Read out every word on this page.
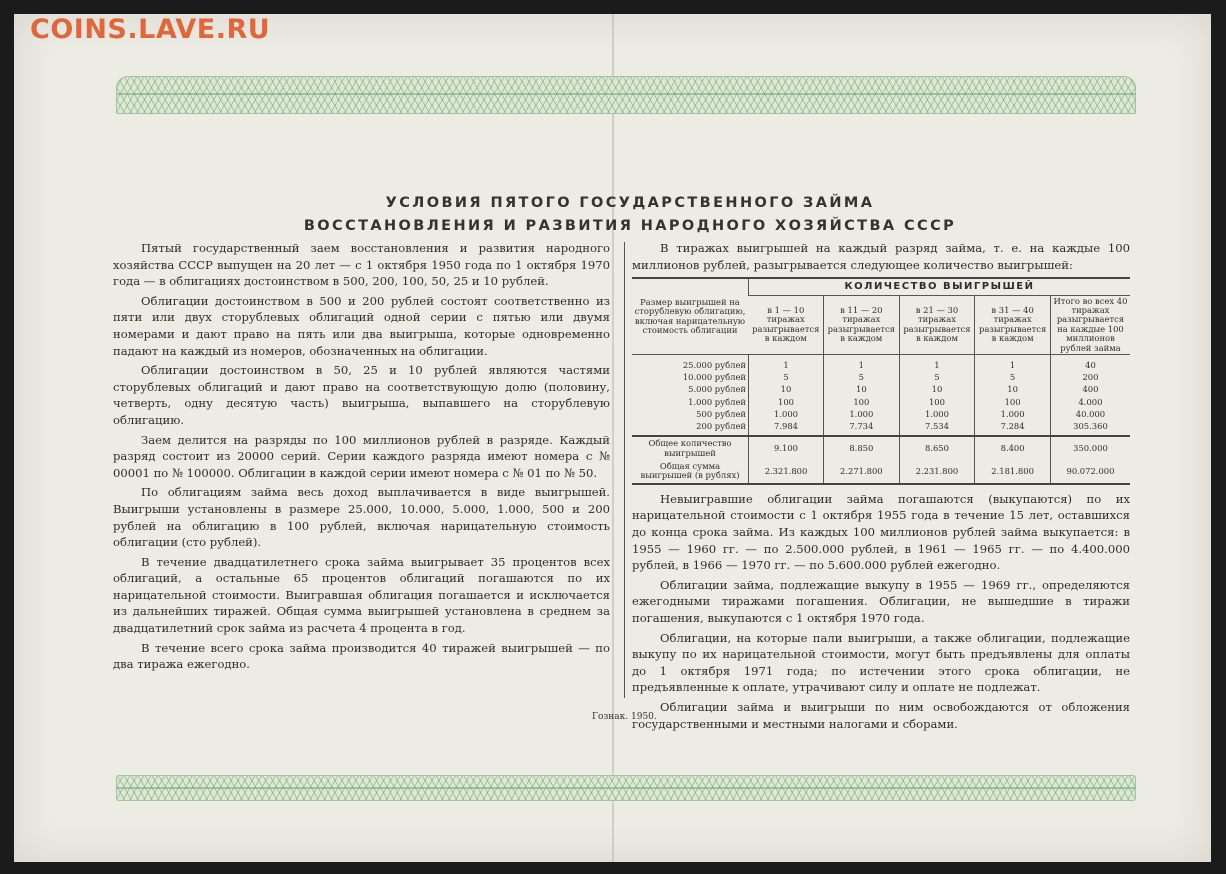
COINS.LAVE.RU
УСЛОВИЯ ПЯТОГО ГОСУДАРСТВЕННОГО ЗАЙМА
ВОССТАНОВЛЕНИЯ И РАЗВИТИЯ НАРОДНОГО ХОЗЯЙСТВА СССР

Пятый государственный заем восстановления и развития народного хозяйства СССР выпущен на 20 лет — с 1 октября 1950 года по 1 октября 1970 года — в облигациях достоинством в 500, 200, 100, 50, 25 и 10 рублей.

Облигации достоинством в 500 и 200 рублей состоят соответственно из пяти или двух сторублевых облигаций одной серии с пятью или двумя номерами и дают право на пять или два выигрыша, которые одновременно падают на каждый из номеров, обозначенных на облигации.

Облигации достоинством в 50, 25 и 10 рублей являются частями сторублевых облигаций и дают право на соответствующую долю (половину, четверть, одну десятую часть) выигрыша, выпавшего на сторублевую облигацию.

Заем делится на разряды по 100 миллионов рублей в разряде. Каждый разряд состоит из 20000 серий. Серии каждого разряда имеют номера с № 00001 по № 100000. Облигации в каждой серии имеют номера с № 01 по № 50.

По облигациям займа весь доход выплачивается в виде выигрышей. Выигрыши установлены в размере 25.000, 10.000, 5.000, 1.000, 500 и 200 рублей на облигацию в 100 рублей, включая нарицательную стоимость облигации (сто рублей).

В течение двадцатилетнего срока займа выигрывает 35 процентов всех облигаций, а остальные 65 процентов облигаций погашаются по их нарицательной стоимости. Выигравшая облигация погашается и исключается из дальнейших тиражей. Общая сумма выигрышей установлена в среднем за двадцатилетний срок займа из расчета 4 процента в год.

В течение всего срока займа производится 40 тиражей выигрышей — по два тиража ежегодно.

В тиражах выигрышей на каждый разряд займа, т. е. на каждые 100 миллионов рублей, разыгрывается следующее количество выигрышей:

Размер выигрышей на сторублевую облигацию, включая нарицательную стоимость облигации	КОЛИЧЕСТВО ВЫИГРЫШЕЙ				
	в 1 — 10 тиражах разыгрывается в каждом	в 11 — 20 тиражах разыгрывается в каждом	в 21 — 30 тиражах разыгрывается в каждом	в 31 — 40 тиражах разыгрывается в каждом	Итого во всех 40 тиражах разыгрывается на каждые 100 миллионов рублей займа
25.000 рублей	1	1	1	1	40
10.000 рублей	5	5	5	5	200
5.000 рублей	10	10	10	10	400
1.000 рублей	100	100	100	100	4.000
500 рублей	1.000	1.000	1.000	1.000	40.000
200 рублей	7.984	7.734	7.534	7.284	305.360
Общее количество выигрышей	9.100	8.850	8.650	8.400	350.000
Общая сумма выигрышей (в рублях)	2.321.800	2.271.800	2.231.800	2.181.800	90.072.000

Невыигравшие облигации займа погашаются (выкупаются) по их нарицательной стоимости с 1 октября 1955 года в течение 15 лет, оставшихся до конца срока займа. Из каждых 100 миллионов рублей займа выкупается: в 1955 — 1960 гг. — по 2.500.000 рублей, в 1961 — 1965 гг. — по 4.400.000 рублей, в 1966 — 1970 гг. — по 5.600.000 рублей ежегодно.

Облигации займа, подлежащие выкупу в 1955 — 1969 гг., определяются ежегодными тиражами погашения. Облигации, не вышедшие в тиражи погашения, выкупаются с 1 октября 1970 года.

Облигации, на которые пали выигрыши, а также облигации, подлежащие выкупу по их нарицательной стоимости, могут быть предъявлены для оплаты до 1 октября 1971 года; по истечении этого срока облигации, не предъявленные к оплате, утрачивают силу и оплате не подлежат.

Облигации займа и выигрыши по ним освобождаются от обложения государственными и местными налогами и сборами.

Гознак. 1950.
